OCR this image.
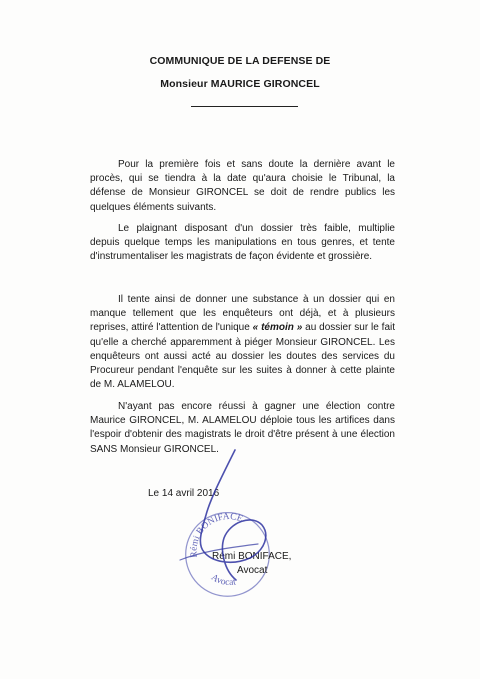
COMMUNIQUE DE LA DEFENSE DE
Monsieur MAURICE GIRONCEL

Pour la première fois et sans doute la dernière avant le procès, qui se tiendra à la date qu'aura choisie le Tribunal, la défense de Monsieur GIRONCEL se doit de rendre publics les quelques éléments suivants.

Le plaignant disposant d'un dossier très faible, multiplie depuis quelque temps les manipulations en tous genres, et tente d'instrumentaliser les magistrats de façon évidente et grossière.

Il tente ainsi de donner une substance à un dossier qui en manque tellement que les enquêteurs ont déjà, et à plusieurs reprises, attiré l'attention de l'unique « témoin » au dossier sur le fait qu'elle a cherché apparemment à piéger Monsieur GIRONCEL. Les enquêteurs ont aussi acté au dossier les doutes des services du Procureur pendant l'enquête sur les suites à donner à cette plainte de M. ALAMELOU.

N'ayant pas encore réussi à gagner une élection contre Maurice GIRONCEL, M. ALAMELOU déploie tous les artifices dans l'espoir d'obtenir des magistrats le droit d'être présent à une élection SANS Monsieur GIRONCEL.

Le 14 avril 2016
Rémi BONIFACE
Avocat
Rémi BONIFACE,
Avocat
